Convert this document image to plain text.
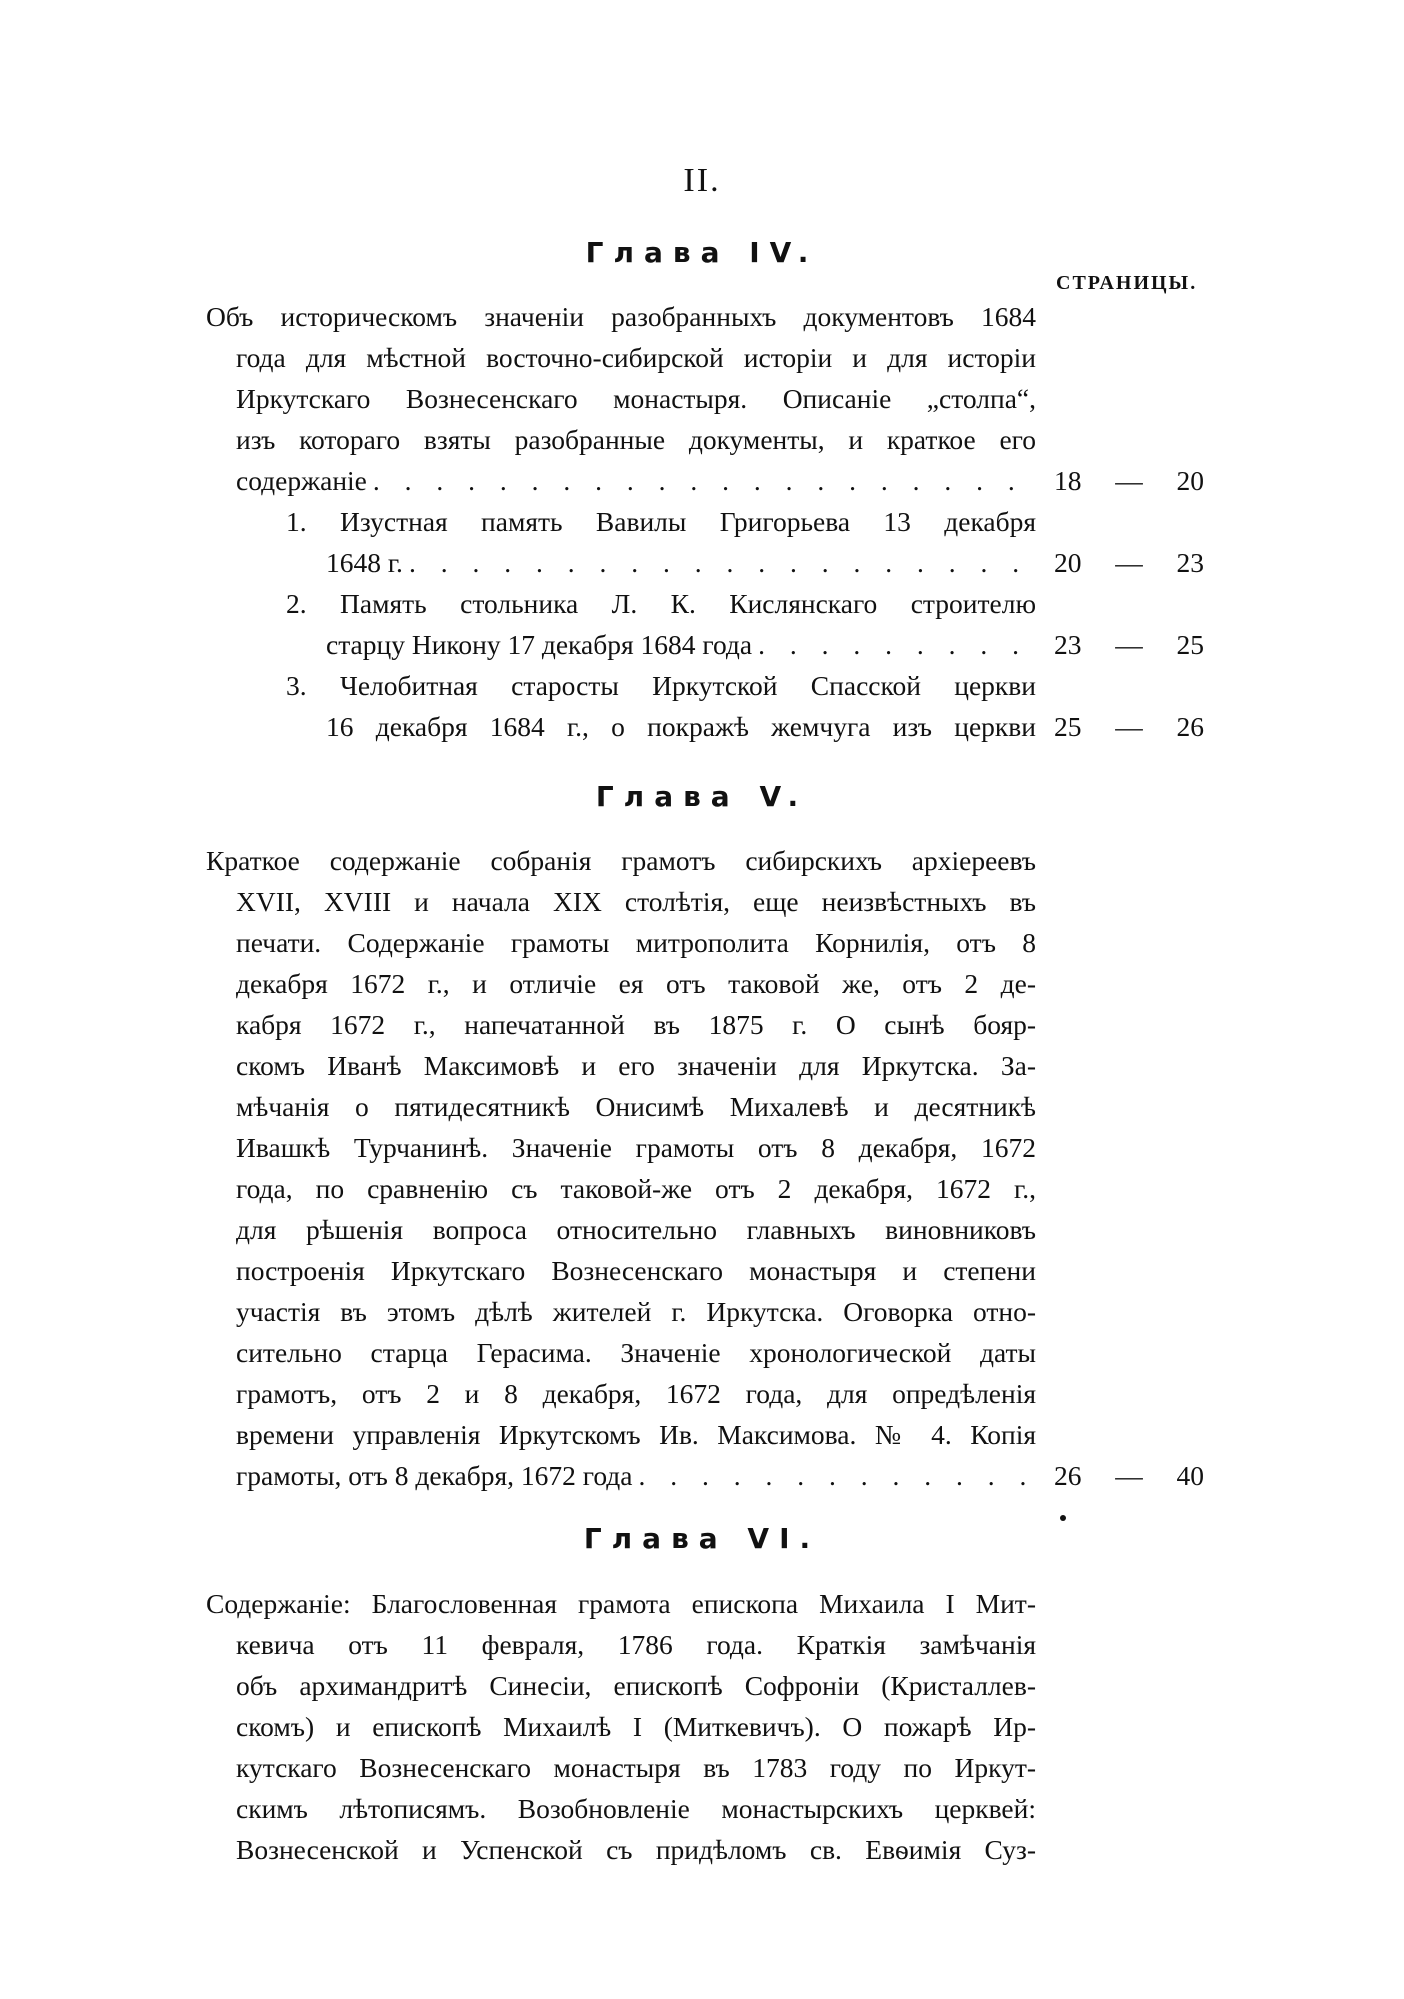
II.
Глава IV.
СТРАНИЦЫ.
Объ историческомъ значеніи разобранныхъ документовъ 1684
года для мѣстной восточно-сибирской исторіи и для исторіи
Иркутскаго Вознесенскаго монастыря. Описаніе „столпа“,
изъ котораго взяты разобранные документы, и краткое его
содержаніе
. . .
1. Изустная память Вавилы Григорьева 13 декабря
1648 г.
. . .
2. Память стольника Л. К. Кислянскаго строителю
старцу Никону 17 декабря 1684 года
. . .
3. Челобитная старосты Иркутской Спасской церкви
16 декабря 1684 г., о покражѣ жемчуга изъ церкви
18	—	20
20	—	23
23	—	25
25	—	26
Глава V.
Краткое содержаніе собранія грамотъ сибирскихъ архіереевъ
XVII, XVIII и начала XIX столѣтія, еще неизвѣстныхъ въ
печати. Содержаніе грамоты митрополита Корнилія, отъ 8
декабря 1672 г., и отличіе ея отъ таковой же, отъ 2 де-
кабря 1672 г., напечатанной въ 1875 г. О сынѣ бояр-
скомъ Иванѣ Максимовѣ и его значеніи для Иркутска. За-
мѣчанія о пятидесятникѣ Онисимѣ Михалевѣ и десятникѣ
Ивашкѣ Турчанинѣ. Значеніе грамоты отъ 8 декабря, 1672
года, по сравненію съ таковой-же отъ 2 декабря, 1672 г.,
для рѣшенія вопроса относительно главныхъ виновниковъ
построенія Иркутскаго Вознесенскаго монастыря и степени
участія въ этомъ дѣлѣ жителей г. Иркутска. Оговорка отно-
сительно старца Герасима. Значеніе хронологической даты
грамотъ, отъ 2 и 8 декабря, 1672 года, для опредѣленія
времени управленія Иркутскомъ Ив. Максимова. № 4. Копія
грамоты, отъ 8 декабря, 1672 года
. . .	26	—	40
Глава VI.
Содержаніе: Благословенная грамота епископа Михаила I Мит-
кевича отъ 11 февраля, 1786 года. Краткія замѣчанія
объ архимандритѣ Синесіи, епископѣ Софроніи (Кристаллев-
скомъ) и епископѣ Михаилѣ I (Миткевичъ). О пожарѣ Ир-
кутскаго Вознесенскаго монастыря въ 1783 году по Иркут-
скимъ лѣтописямъ. Возобновленіе монастырскихъ церквей:
Вознесенской и Успенской съ придѣломъ св. Евѳимія Суз-
